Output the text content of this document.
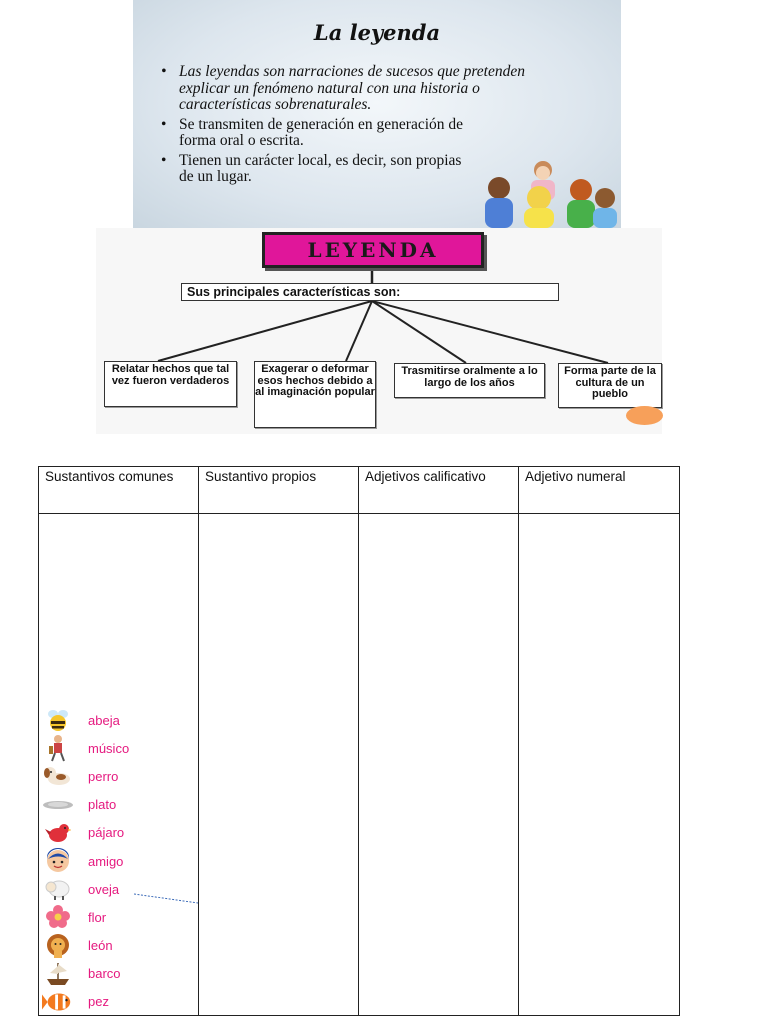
La leyenda
• Las leyendas son narraciones de sucesos que pretenden explicar un fenómeno natural con una historia o características sobrenaturales.
• Se transmiten de generación en generación de forma oral o escrita.
• Tienen un carácter local, es decir, son propias de un lugar.
LEYENDA
Sus principales características son:
Relatar hechos que tal vez fueron verdaderos
Exagerar o deformar esos hechos debido a al imaginación popular
Trasmitirse oralmente a lo largo de los años
Forma parte de la cultura de un pueblo
Sustantivos comunes	Sustantivo propios	Adjetivos calificativo	Adjetivo numeral

abeja
músico
perro
plato
pájaro
amigo
oveja
flor
león
barco
pez
